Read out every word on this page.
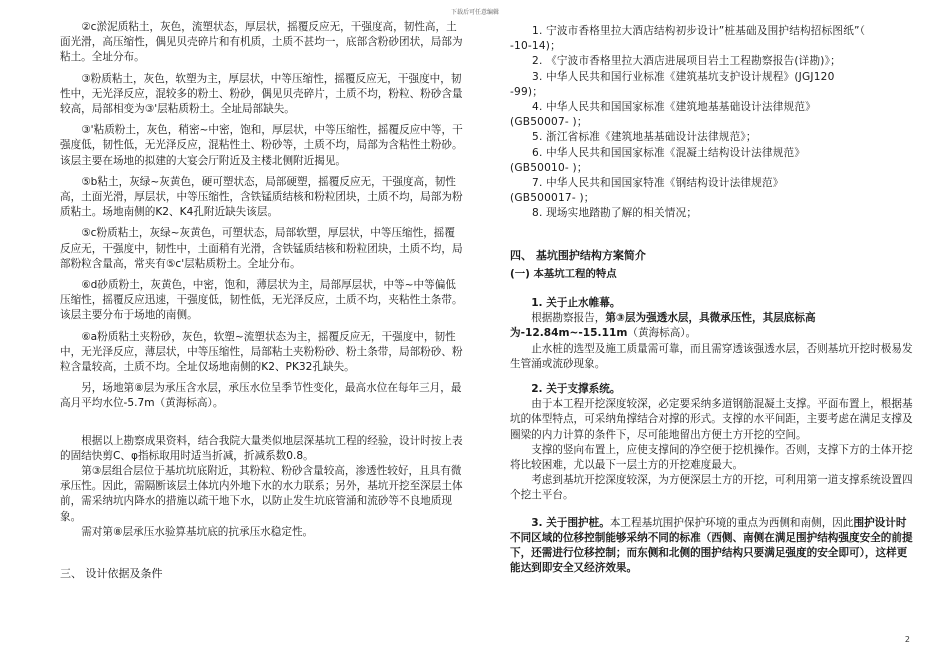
下载后可任意编辑

②c淤泥质粘土，灰色，流塑状态，厚层状，摇覆反应无，干强度高，韧性高，土面光滑，高压缩性，偶见贝壳碎片和有机质，土质不甚均一，底部含粉砂团状，局部为粘土。全址分布。

③粉质粘土，灰色，软塑为主，厚层状，中等压缩性，摇覆反应无，干强度中，韧性中，无光泽反应，混较多的粉土、粉砂，偶见贝壳碎片，土质不均，粉粒、粉砂含量较高，局部相变为③'层粘质粉土。全址局部缺失。

③'粘质粉土，灰色，稍密~中密，饱和，厚层状，中等压缩性，摇覆反应中等，干强度低，韧性低，无光泽反应，混粘性土、粉砂等，土质不均，局部为含粘性土粉砂。该层主要在场地的拟建的大宴会厅附近及主楼北侧附近揭见。

⑤b粘土，灰绿~灰黄色，硬可塑状态，局部硬塑，摇覆反应无，干强度高，韧性高，土面光滑，厚层状，中等压缩性，含铁锰质结核和粉粒团块，土质不均，局部为粉质粘土。场地南侧的K2、K4孔附近缺失该层。

⑤c粉质粘土，灰绿~灰黄色，可塑状态，局部软塑，厚层状，中等压缩性，摇覆反应无，干强度中，韧性中，土面稍有光滑，含铁锰质结核和粉粒团块，土质不均，局部粉粒含量高，常夹有⑤c'层粘质粉土。全址分布。

⑥d砂质粉土，灰黄色，中密，饱和，薄层状为主，局部厚层状，中等~中等偏低压缩性，摇覆反应迅速，干强度低，韧性低，无光泽反应，土质不均，夹粘性土条带。该层主要分布于场地的南侧。

⑥a粉质粘土夹粉砂，灰色，软塑~流塑状态为主，摇覆反应无，干强度中，韧性中，无光泽反应，薄层状，中等压缩性，局部粘土夹粉粉砂、粉土条带，局部粉砂、粉粒含量较高，土质不均。全址仅场地南侧的K2、PK32孔缺失。

另，场地第⑧层为承压含水层，承压水位呈季节性变化，最高水位在每年三月，最高月平均水位-5.7m（黄海标高）。

根据以上勘察成果资料，结合我院大量类似地层深基坑工程的经验，设计时按上表的固结快剪C、φ指标取用时适当折减，折减系数0.8。

第③层组合层位于基坑坑底附近，其粉粒、粉砂含量较高，渗透性较好，且具有微承压性。因此，需隔断该层土体坑内外地下水的水力联系；另外，基坑开挖至深层土体前，需采纳坑内降水的措施以疏干地下水，以防止发生坑底管涌和流砂等不良地质现象。

需对第⑧层承压水验算基坑底的抗承压水稳定性。

三、 设计依据及条件

1. 宁波市香格里拉大酒店结构初步设计”桩基础及围护结构招标图纸”（

-10-14)；

2. 《宁波市香格里拉大酒店进展项目岩土工程勘察报告(详勘)》；

3. 中华人民共和国行业标准《建筑基坑支护设计规程》(JGJ120

-99)；

4. 中华人民共和国国家标准《建筑地基基础设计法律规范》

(GB50007- )；

5. 浙江省标准《建筑地基基础设计法律规范》；

6. 中华人民共和国国家标准《混凝土结构设计法律规范》

(GB50010- )；

7. 中华人民共和国国家特准《钢结构设计法律规范》

(GB500017- )；

8. 现场实地踏勘了解的相关情况；

四、 基坑围护结构方案简介

(一) 本基坑工程的特点

1. 关于止水帷幕。

根据勘察报告，第③层为强透水层，具微承压性，其层底标高为-12.84m~-15.11m（黄海标高）。

止水桩的选型及施工质量需可靠，而且需穿透该强透水层，否则基坑开挖时极易发生管涌或流砂现象。

2. 关于支撑系统。

由于本工程开挖深度较深，必定要采纳多道钢筋混凝土支撑。平面布置上，根据基坑的体型特点，可采纳角撑结合对撑的形式。支撑的水平间距，主要考虑在满足支撑及圈梁的内力计算的条件下，尽可能地留出方便土方开挖的空间。

支撑的竖向布置上，应使支撑间的净空便于挖机操作。否则，支撑下方的土体开挖将比较困难，尤以最下一层土方的开挖难度最大。

考虑到基坑开挖深度较深，为方便深层土方的开挖，可利用第一道支撑系统设置四个挖土平台。

3. 关于围护桩。本工程基坑围护保护环境的重点为西侧和南侧，因此围护设计时不同区域的位移控制能够采纳不同的标准（西侧、南侧在满足围护结构强度安全的前提下，还需进行位移控制；而东侧和北侧的围护结构只要满足强度的安全即可），这样更能达到即安全又经济效果。

2
